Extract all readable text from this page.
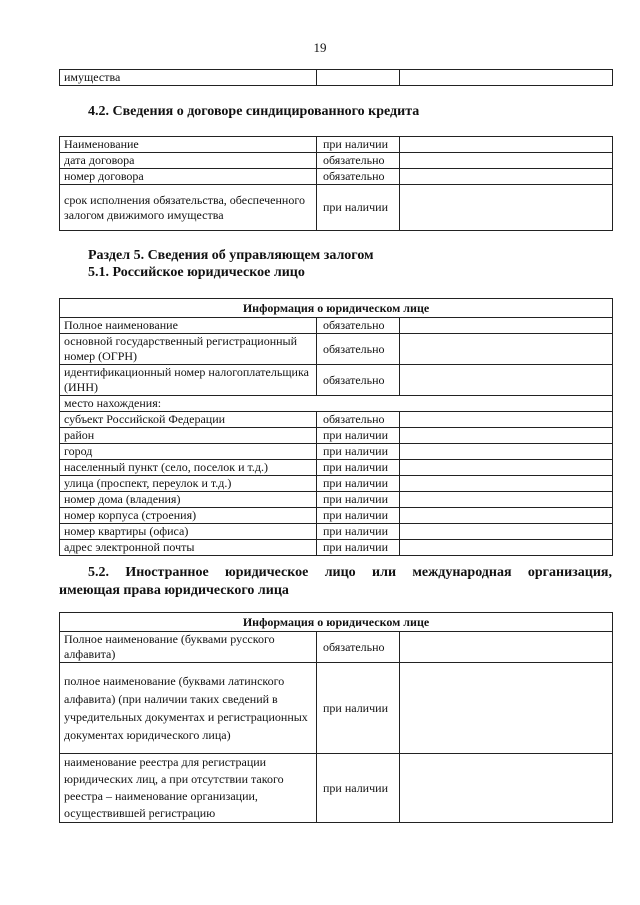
19
имущества		
4.2. Сведения о договоре синдицированного кредита
Наименование	при наличии	
дата договора	обязательно	
номер договора	обязательно	
срок исполнения обязательства, обеспеченного залогом движимого имущества	при наличии	
Раздел 5. Сведения об управляющем залогом
5.1. Российское юридическое лицо
Информация о юридическом лице		
Полное наименование	обязательно	
основной государственный регистрационный номер (ОГРН)	обязательно	
идентификационный номер налогоплательщика (ИНН)	обязательно	
место нахождения:		
субъект Российской Федерации	обязательно	
район	при наличии	
город	при наличии	
населенный пункт (село, поселок и т.д.)	при наличии	
улица (проспект, переулок и т.д.)	при наличии	
номер дома (владения)	при наличии	
номер корпуса (строения)	при наличии	
номер квартиры (офиса)	при наличии	
адрес электронной почты	при наличии	
5.2. Иностранное юридическое лицо или международная организация,
имеющая права юридического лица
Информация о юридическом лице		
Полное наименование (буквами русского алфавита)	обязательно	
полное наименование (буквами латинского алфавита) (при наличии таких сведений в учредительных документах и регистрационных документах юридического лица)	при наличии	
наименование реестра для регистрации юридических лиц, а при отсутствии такого реестра – наименование организации, осуществившей регистрацию	при наличии	
